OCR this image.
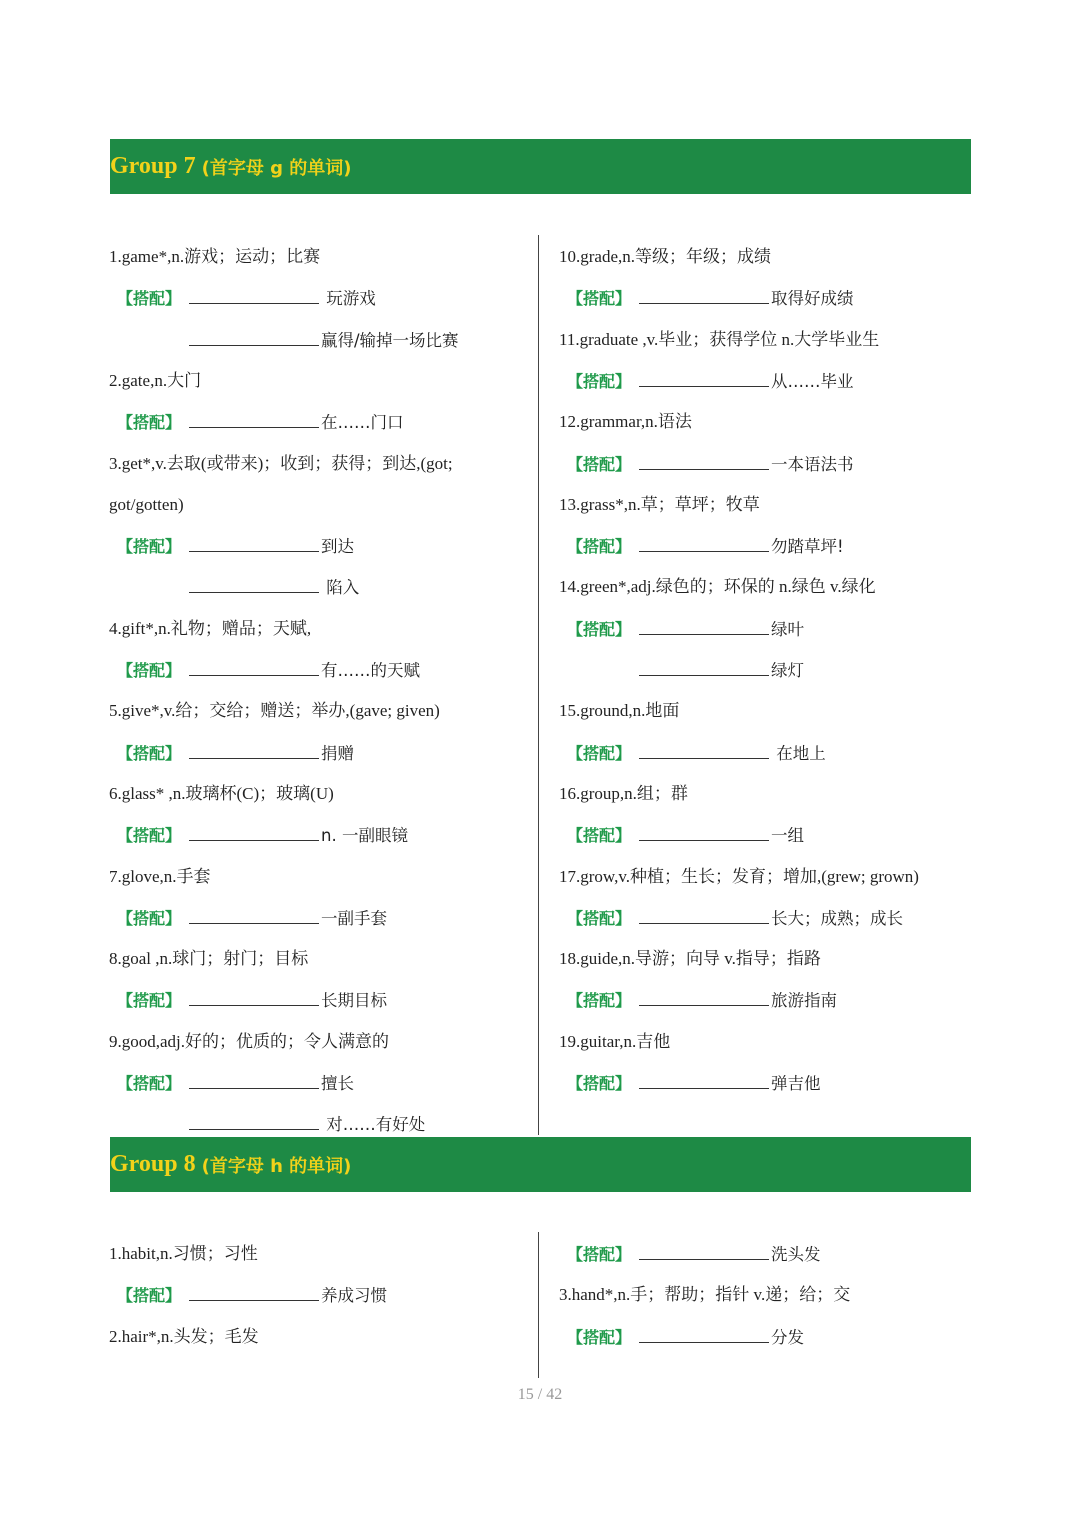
Group 7 (首字母 g 的单词)
1.game*,n.游戏；运动；比赛
【搭配】	玩游戏
赢得/输掉一场比赛
2.gate,n.大门
【搭配】	在……门口
3.get*,v.去取(或带来)；收到；获得；到达,(got;
got/gotten)
【搭配】	到达
陷入
4.gift*,n.礼物；赠品；天赋,
【搭配】	有……的天赋
5.give*,v.给；交给；赠送；举办,(gave; given)
【搭配】	捐赠
6.glass* ,n.玻璃杯(C)；玻璃(U)
【搭配】	n. 一副眼镜
7.glove,n.手套
【搭配】	一副手套
8.goal ,n.球门；射门；目标
【搭配】	长期目标
9.good,adj.好的；优质的；令人满意的
【搭配】	擅长
对……有好处
10.grade,n.等级；年级；成绩
【搭配】	取得好成绩
11.graduate ,v.毕业；获得学位 n.大学毕业生
【搭配】	从……毕业
12.grammar,n.语法
【搭配】	一本语法书
13.grass*,n.草；草坪；牧草
【搭配】	勿踏草坪!
14.green*,adj.绿色的；环保的 n.绿色 v.绿化
【搭配】	绿叶
绿灯
15.ground,n.地面
【搭配】	在地上
16.group,n.组；群
【搭配】	一组
17.grow,v.种植；生长；发育；增加,(grew; grown)
【搭配】	长大；成熟；成长
18.guide,n.导游；向导 v.指导；指路
【搭配】	旅游指南
19.guitar,n.吉他
【搭配】	弹吉他
Group 8 (首字母 h 的单词)
1.habit,n.习惯；习性
【搭配】	养成习惯
2.hair*,n.头发；毛发
【搭配】	洗头发
3.hand*,n.手；帮助；指针 v.递；给；交
【搭配】	分发
15 / 42
